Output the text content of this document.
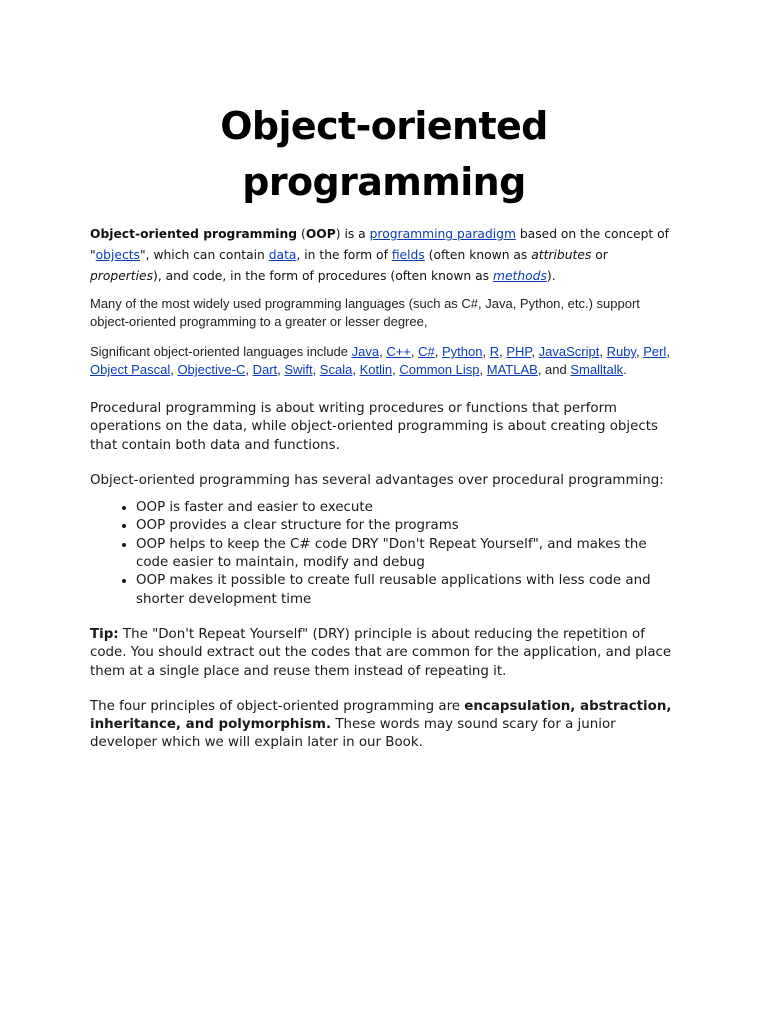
Object-oriented programming

Object-oriented programming (OOP) is a programming paradigm based on the concept of "objects", which can contain data, in the form of fields (often known as attributes or properties), and code, in the form of procedures (often known as methods).

Many of the most widely used programming languages (such as C#, Java, Python, etc.) support object-oriented programming to a greater or lesser degree,

Significant object-oriented languages include Java, C++, C#, Python, R, PHP, JavaScript, Ruby, Perl, Object Pascal, Objective-C, Dart, Swift, Scala, Kotlin, Common Lisp, MATLAB, and Smalltalk.

Procedural programming is about writing procedures or functions that perform operations on the data, while object-oriented programming is about creating objects that contain both data and functions.

Object-oriented programming has several advantages over procedural programming:

• OOP is faster and easier to execute
• OOP provides a clear structure for the programs
• OOP helps to keep the C# code DRY "Don't Repeat Yourself", and makes the code easier to maintain, modify and debug
• OOP makes it possible to create full reusable applications with less code and shorter development time

Tip: The "Don't Repeat Yourself" (DRY) principle is about reducing the repetition of code. You should extract out the codes that are common for the application, and place them at a single place and reuse them instead of repeating it.

The four principles of object-oriented programming are encapsulation, abstraction, inheritance, and polymorphism. These words may sound scary for a junior developer which we will explain later in our Book.
